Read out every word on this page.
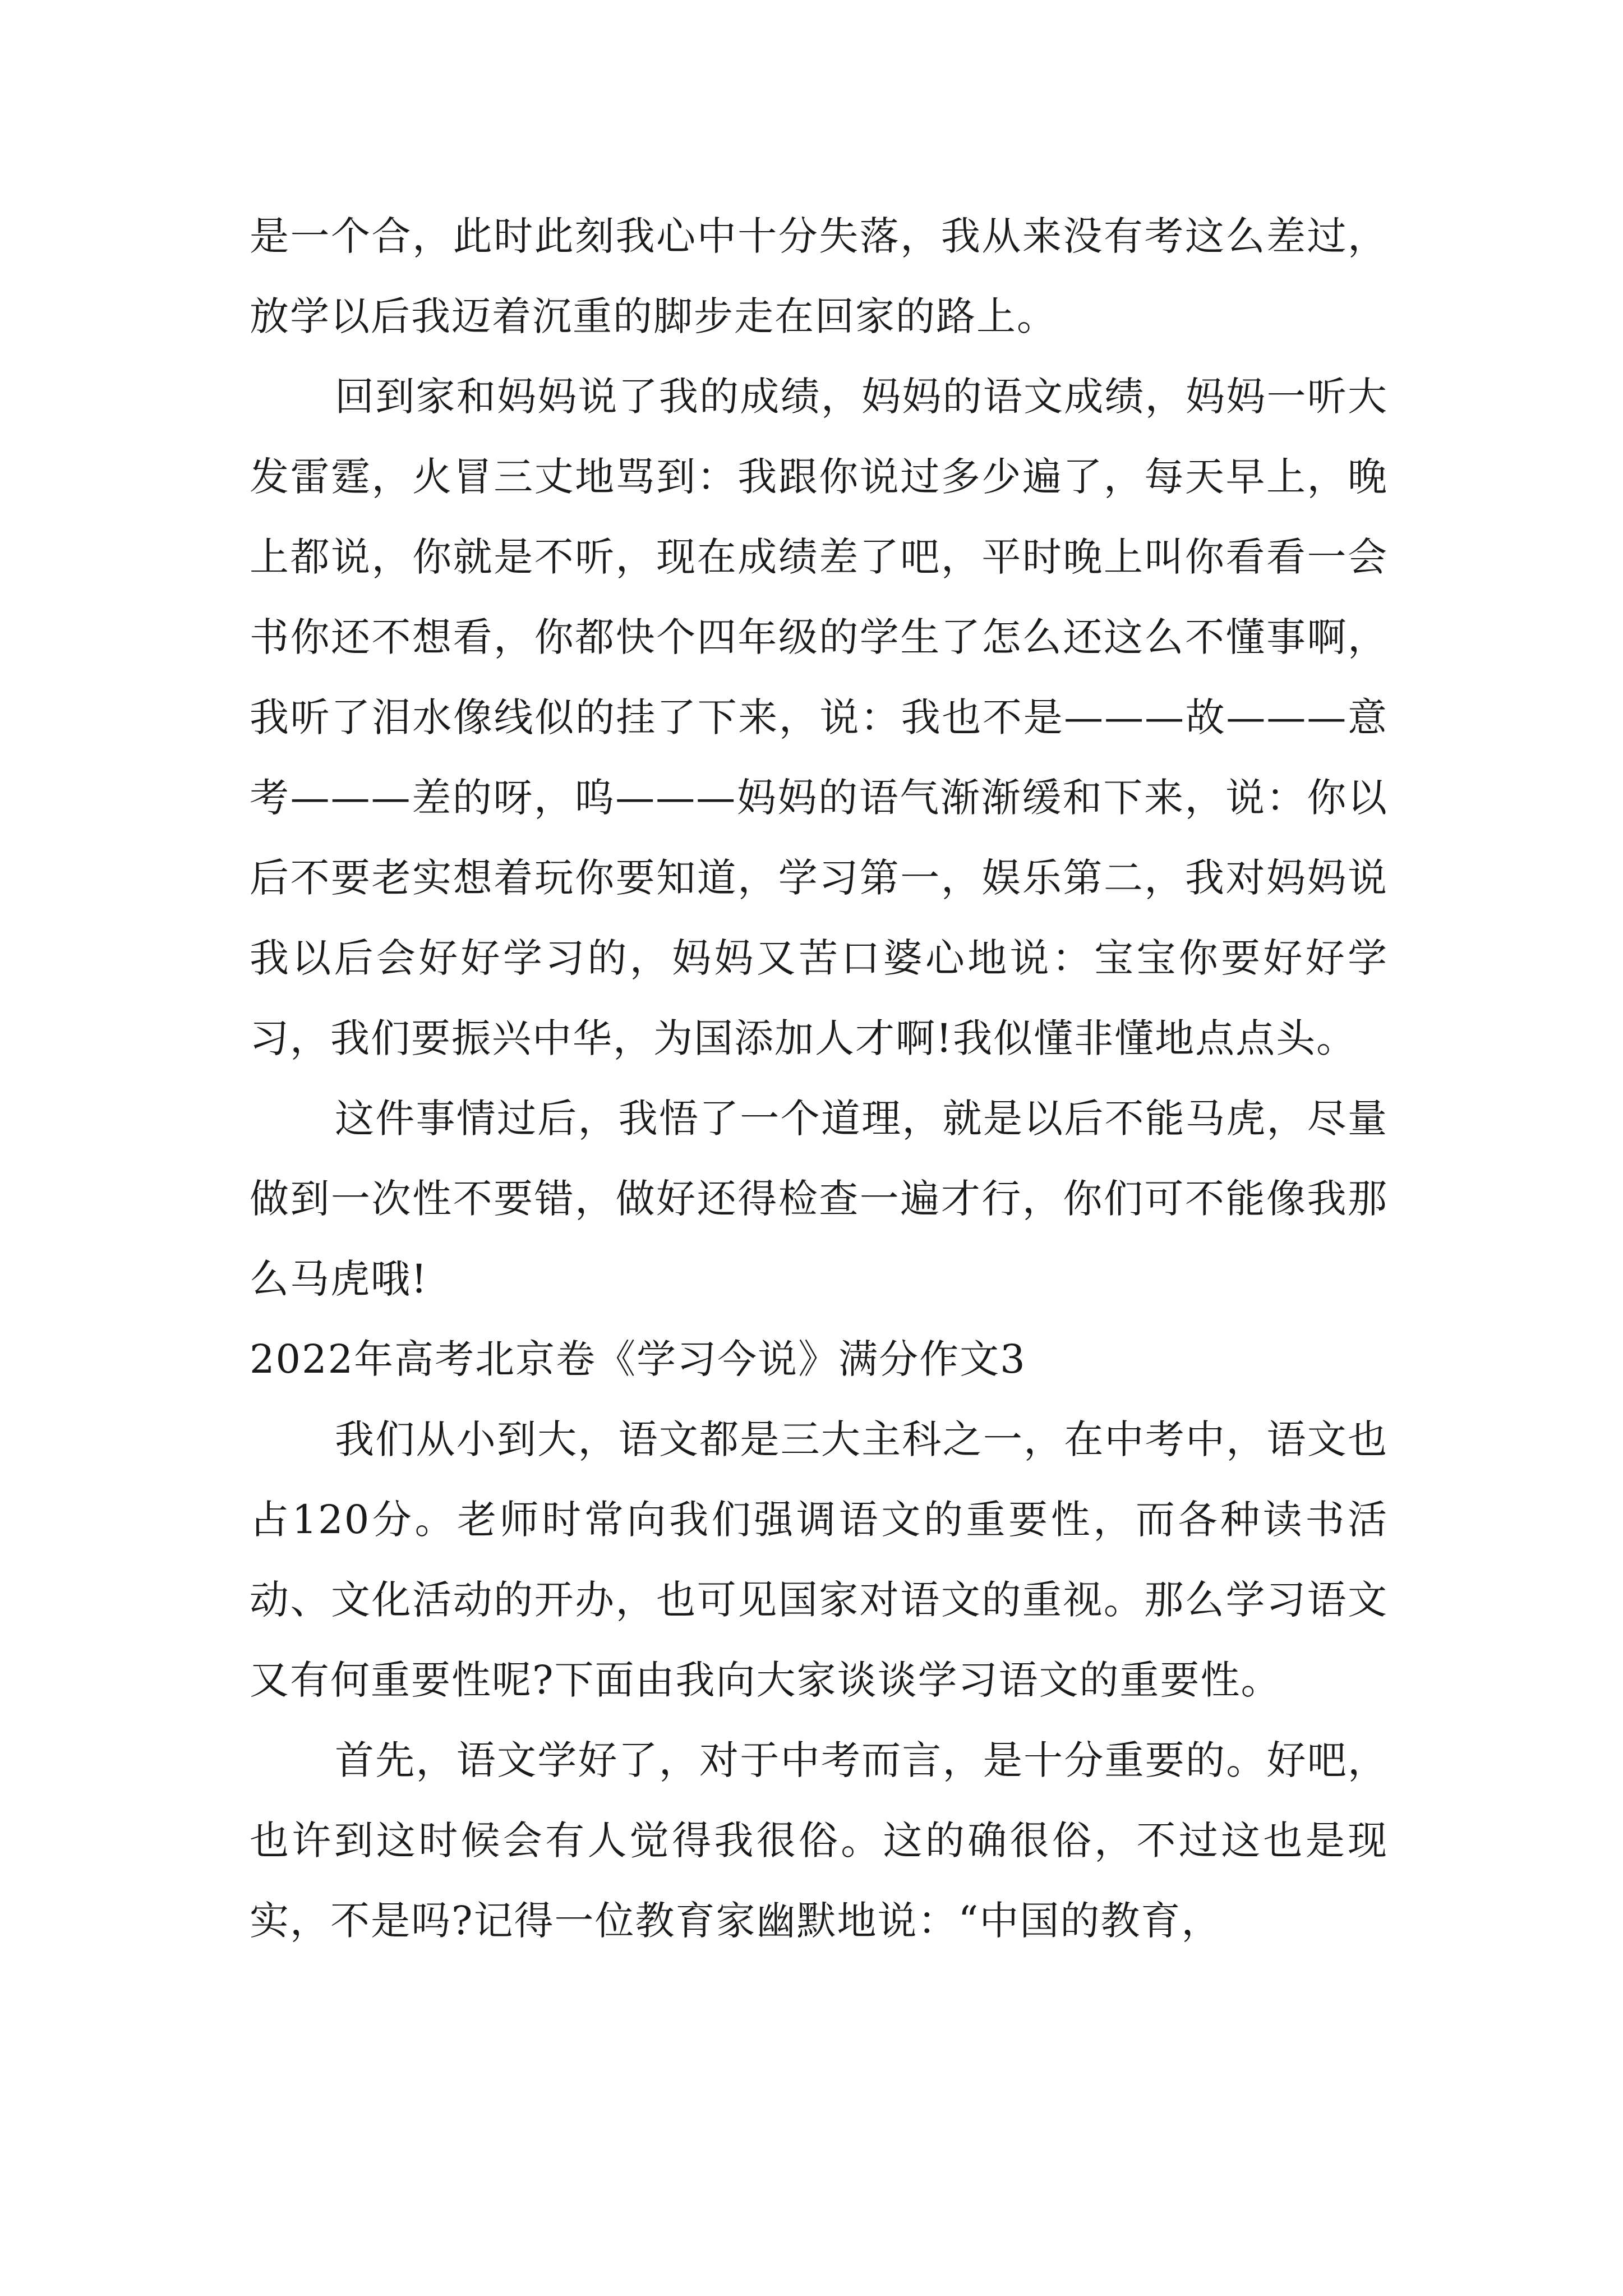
是一个合，此时此刻我心中十分失落，我从来没有考这么差过，放学以后我迈着沉重的脚步走在回家的路上。

回到家和妈妈说了我的成绩，妈妈的语文成绩，妈妈一听大发雷霆，火冒三丈地骂到：我跟你说过多少遍了，每天早上，晚上都说，你就是不听，现在成绩差了吧，平时晚上叫你看看一会书你还不想看，你都快个四年级的学生了怎么还这么不懂事啊，我听了泪水像线似的挂了下来，说：我也不是———故———意考———差的呀，呜———妈妈的语气渐渐缓和下来，说：你以后不要老实想着玩你要知道，学习第一，娱乐第二，我对妈妈说我以后会好好学习的，妈妈又苦口婆心地说：宝宝你要好好学习，我们要振兴中华，为国添加人才啊!我似懂非懂地点点头。

这件事情过后，我悟了一个道理，就是以后不能马虎，尽量做到一次性不要错，做好还得检查一遍才行，你们可不能像我那么马虎哦!

2022年高考北京卷《学习今说》满分作文3

我们从小到大，语文都是三大主科之一，在中考中，语文也占120分。老师时常向我们强调语文的重要性，而各种读书活动、文化活动的开办，也可见国家对语文的重视。那么学习语文又有何重要性呢?下面由我向大家谈谈学习语文的重要性。

首先，语文学好了，对于中考而言，是十分重要的。好吧，也许到这时候会有人觉得我很俗。这的确很俗，不过这也是现实，不是吗?记得一位教育家幽默地说：“中国的教育，
